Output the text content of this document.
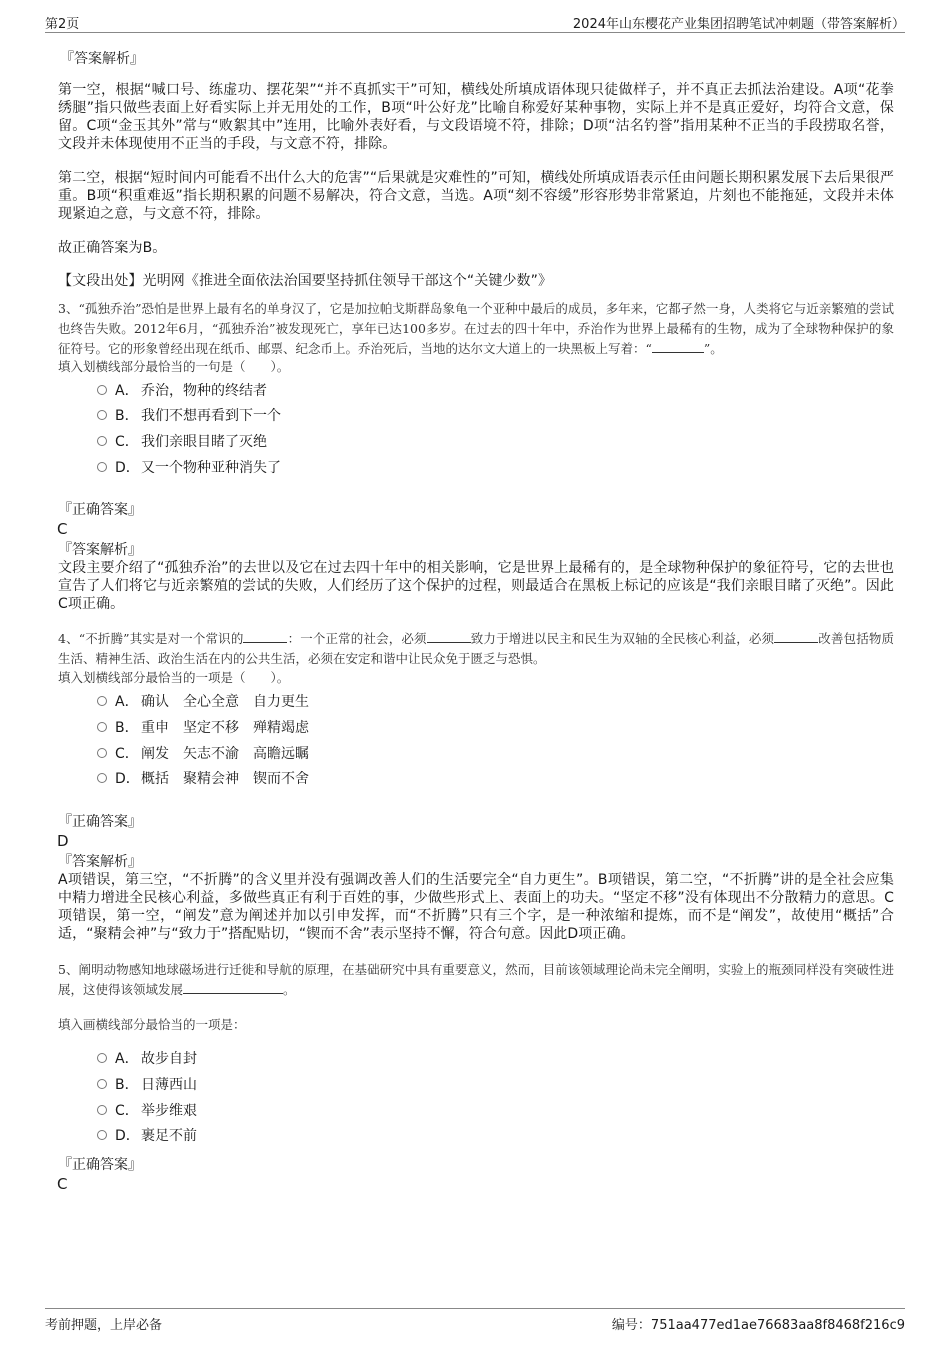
第2页	2024年山东樱花产业集团招聘笔试冲刺题（带答案解析）
『答案解析』
第一空，根据“喊口号、练虚功、摆花架”“并不真抓实干”可知，横线处所填成语体现只徒做样子，并不真正去抓法治建设。A项“花拳绣腿”指只做些表面上好看实际上并无用处的工作，B项“叶公好龙”比喻自称爱好某种事物，实际上并不是真正爱好，均符合文意，保留。C项“金玉其外”常与“败絮其中”连用，比喻外表好看，与文段语境不符，排除；D项“沽名钓誉”指用某种不正当的手段捞取名誉，文段并未体现使用不正当的手段，与文意不符，排除。
第二空，根据“短时间内可能看不出什么大的危害”“后果就是灾难性的”可知，横线处所填成语表示任由问题长期积累发展下去后果很严重。B项“积重难返”指长期积累的问题不易解决，符合文意，当选。A项“刻不容缓”形容形势非常紧迫，片刻也不能拖延，文段并未体现紧迫之意，与文意不符，排除。
故正确答案为B。
【文段出处】光明网《推进全面依法治国要坚持抓住领导干部这个“关键少数”》
3、“孤独乔治”恐怕是世界上最有名的单身汉了，它是加拉帕戈斯群岛象龟一个亚种中最后的成员，多年来，它都孑然一身，人类将它与近亲繁殖的尝试也终告失败。2012年6月，“孤独乔治”被发现死亡，享年已达100多岁。在过去的四十年中，乔治作为世界上最稀有的生物，成为了全球物种保护的象征符号。它的形象曾经出现在纸币、邮票、纪念币上。乔治死后，当地的达尔文大道上的一块黑板上写着：“	”。
填入划横线部分最恰当的一句是（　　）。
A． 乔治，物种的终结者
B． 我们不想再看到下一个
C． 我们亲眼目睹了灭绝
D．又一个物种亚种消失了
『正确答案』
C
『答案解析』
文段主要介绍了“孤独乔治”的去世以及它在过去四十年中的相关影响，它是世界上最稀有的，是全球物种保护的象征符号，它的去世也宣告了人们将它与近亲繁殖的尝试的失败，人们经历了这个保护的过程，则最适合在黑板上标记的应该是“我们亲眼目睹了灭绝”。因此C项正确。
4、“不折腾”其实是对一个常识的	：一个正常的社会，必须	致力于增进以民主和民生为双轴的全民核心利益，必须	改善包括物质生活、精神生活、政治生活在内的公共生活，必须在安定和谐中让民众免于匮乏与恐惧。
填入划横线部分最恰当的一项是（　　）。
A． 确认 全心全意 自力更生
B． 重申 坚定不移 殚精竭虑
C． 阐发 矢志不渝 高瞻远瞩
D．概括 聚精会神 锲而不舍
『正确答案』
D
『答案解析』
A项错误，第三空，“不折腾”的含义里并没有强调改善人们的生活要完全“自力更生”。B项错误，第二空，“不折腾”讲的是全社会应集中精力增进全民核心利益，多做些真正有利于百姓的事，少做些形式上、表面上的功夫。“坚定不移”没有体现出不分散精力的意思。C项错误，第一空，“阐发”意为阐述并加以引申发挥，而“不折腾”只有三个字，是一种浓缩和提炼，而不是“阐发”，故使用“概括”合适，“聚精会神”与“致力于”搭配贴切，“锲而不舍”表示坚持不懈，符合句意。因此D项正确。
5、阐明动物感知地球磁场进行迁徙和导航的原理，在基础研究中具有重要意义，然而，目前该领域理论尚未完全阐明，实验上的瓶颈同样没有突破性进展，这使得该领域发展	。
填入画横线部分最恰当的一项是：
A． 故步自封
B． 日薄西山
C． 举步维艰
D．裹足不前
『正确答案』
C
考前押题，上岸必备	编号：751aa477ed1ae76683aa8f8468f216c9
